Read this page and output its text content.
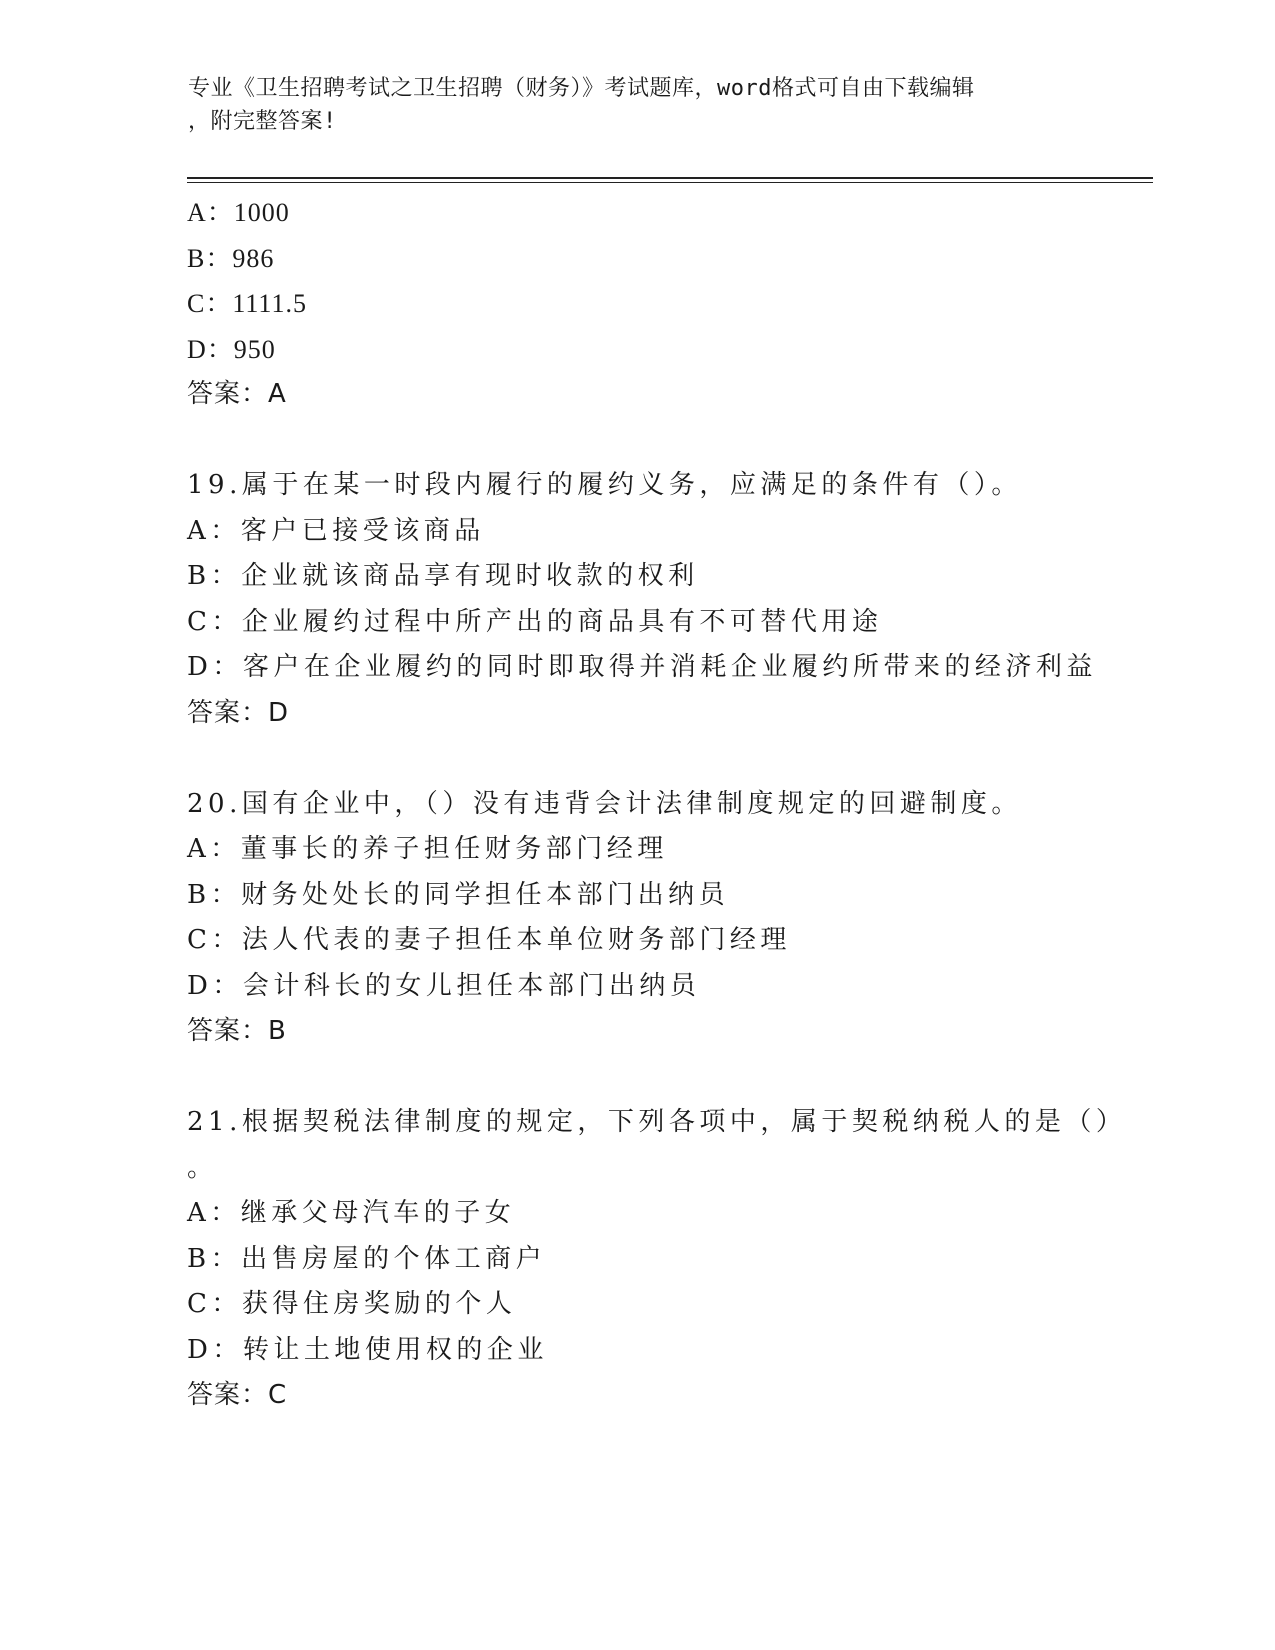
专业《卫生招聘考试之卫生招聘（财务）》考试题库，word格式可自由下载编辑
，附完整答案!
A：1000
B：986
C：1111.5
D：950
答案：A
19.属于在某一时段内履行的履约义务，应满足的条件有（）。
A：客户已接受该商品
B：企业就该商品享有现时收款的权利
C：企业履约过程中所产出的商品具有不可替代用途
D：客户在企业履约的同时即取得并消耗企业履约所带来的经济利益
答案：D
20.国有企业中，（）没有违背会计法律制度规定的回避制度。
A：董事长的养子担任财务部门经理
B：财务处处长的同学担任本部门出纳员
C：法人代表的妻子担任本单位财务部门经理
D：会计科长的女儿担任本部门出纳员
答案：B
21.根据契税法律制度的规定，下列各项中，属于契税纳税人的是（）
。
A：继承父母汽车的子女
B：出售房屋的个体工商户
C：获得住房奖励的个人
D：转让土地使用权的企业
答案：C
